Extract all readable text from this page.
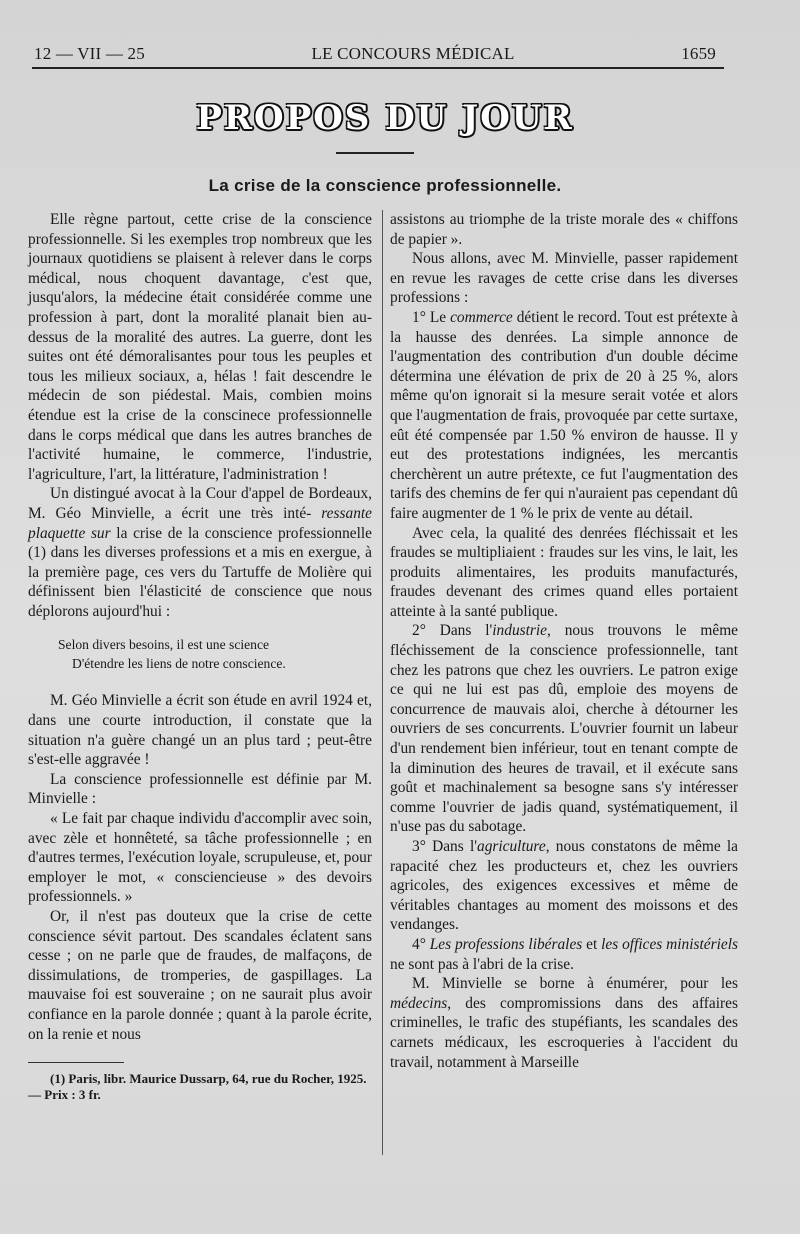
12 — VII — 25	LE CONCOURS MÉDICAL	1659
PROPOS DU JOUR
La crise de la conscience professionnelle.

Elle règne partout, cette crise de la conscience professionnelle. Si les exemples trop nombreux que les journaux quotidiens se plaisent à relever dans le corps médical, nous choquent davantage, c'est que, jusqu'alors, la médecine était considérée comme une profession à part, dont la moralité planait bien au-dessus de la moralité des autres. La guerre, dont les suites ont été démoralisantes pour tous les peuples et tous les milieux sociaux, a, hélas ! fait descendre le médecin de son piédestal. Mais, combien moins étendue est la crise de la conscinece professionnelle dans le corps médical que dans les autres branches de l'activité humaine, le commerce, l'industrie, l'agriculture, l'art, la littérature, l'administration !

Un distingué avocat à la Cour d'appel de Bordeaux, M. Géo Minvielle, a écrit une très inté- ressante plaquette sur la crise de la conscience professionnelle (1) dans les diverses professions et a mis en exergue, à la première page, ces vers du Tartuffe de Molière qui définissent bien l'élasticité de conscience que nous déplorons aujourd'hui :

Selon divers besoins, il est une science
D'étendre les liens de notre conscience.

M. Géo Minvielle a écrit son étude en avril 1924 et, dans une courte introduction, il constate que la situation n'a guère changé un an plus tard ; peut-être s'est-elle aggravée !

La conscience professionnelle est définie par M. Minvielle :

« Le fait par chaque individu d'accomplir avec soin, avec zèle et honnêteté, sa tâche professionnelle ; en d'autres termes, l'exécution loyale, scrupuleuse, et, pour employer le mot, « consciencieuse » des devoirs professionnels. »

Or, il n'est pas douteux que la crise de cette conscience sévit partout. Des scandales éclatent sans cesse ; on ne parle que de fraudes, de malfaçons, de dissimulations, de tromperies, de gaspillages. La mauvaise foi est souveraine ; on ne saurait plus avoir confiance en la parole donnée ; quant à la parole écrite, on la renie et nous

(1) Paris, libr. Maurice Dussarp, 64, rue du Rocher, 1925. — Prix : 3 fr.

assistons au triomphe de la triste morale des « chiffons de papier ».

Nous allons, avec M. Minvielle, passer rapidement en revue les ravages de cette crise dans les diverses professions :

1° Le commerce détient le record. Tout est prétexte à la hausse des denrées. La simple annonce de l'augmentation des contribution d'un double décime détermina une élévation de prix de 20 à 25 %, alors même qu'on ignorait si la mesure serait votée et alors que l'augmentation de frais, provoquée par cette surtaxe, eût été compensée par 1.50 % environ de hausse. Il y eut des protestations indignées, les mercantis cherchèrent un autre prétexte, ce fut l'augmentation des tarifs des chemins de fer qui n'auraient pas cependant dû faire augmenter de 1 % le prix de vente au détail.

Avec cela, la qualité des denrées fléchissait et les fraudes se multipliaient : fraudes sur les vins, le lait, les produits alimentaires, les produits manufacturés, fraudes devenant des crimes quand elles portaient atteinte à la santé publique.

2° Dans l'industrie, nous trouvons le même fléchissement de la conscience professionnelle, tant chez les patrons que chez les ouvriers. Le patron exige ce qui ne lui est pas dû, emploie des moyens de concurrence de mauvais aloi, cherche à détourner les ouvriers de ses concurrents. L'ouvrier fournit un labeur d'un rendement bien inférieur, tout en tenant compte de la diminution des heures de travail, et il exécute sans goût et machinalement sa besogne sans s'y intéresser comme l'ouvrier de jadis quand, systématiquement, il n'use pas du sabotage.

3° Dans l'agriculture, nous constatons de même la rapacité chez les producteurs et, chez les ouvriers agricoles, des exigences excessives et même de véritables chantages au moment des moissons et des vendanges.

4° Les professions libérales et les offices ministériels ne sont pas à l'abri de la crise.

M. Minvielle se borne à énumérer, pour les médecins, des compromissions dans des affaires criminelles, le trafic des stupéfiants, les scandales des carnets médicaux, les escroqueries à l'accident du travail, notamment à Marseille
